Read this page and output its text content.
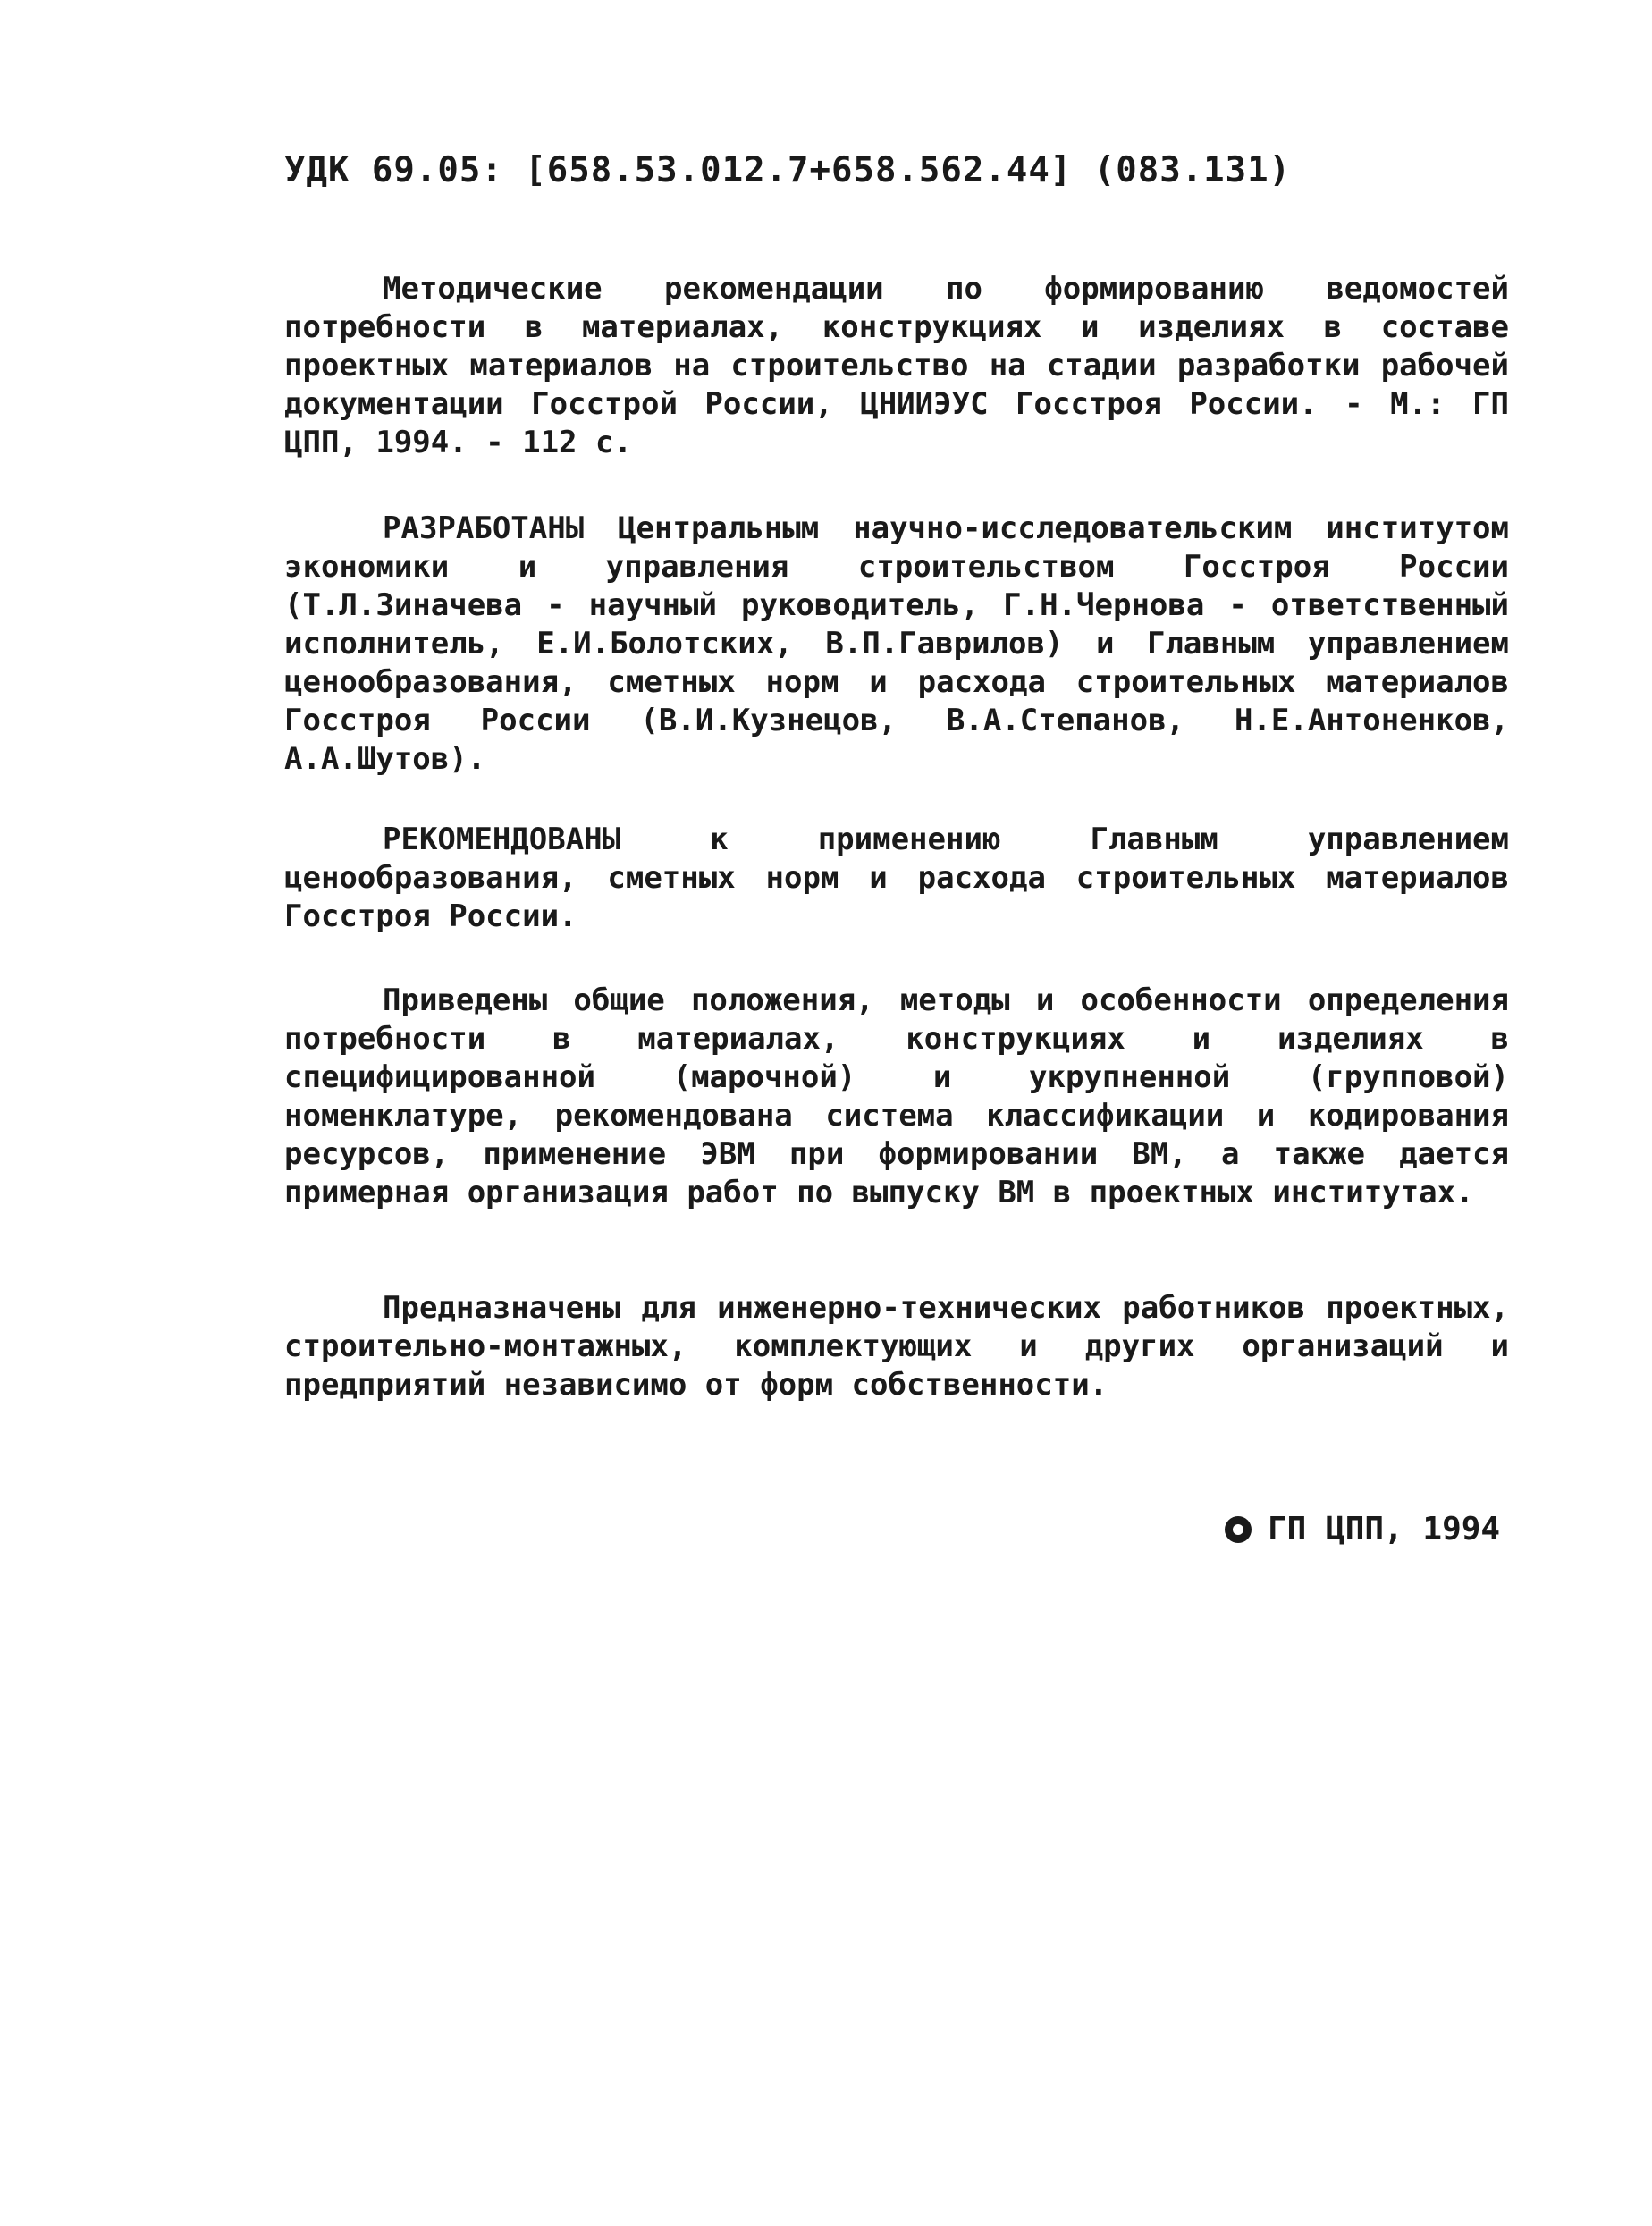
УДК 69.05: [658.53.012.7+658.562.44] (083.131)

Методические рекомендации по формированию ведомостей потребности в материалах, конструкциях и изделиях в составе проектных материалов на строительство на стадии разработки рабочей документации Госстрой России, ЦНИИЭУС Госстроя России. - М.: ГП ЦПП, 1994. - 112 с.

РАЗРАБОТАНЫ Центральным научно-исследовательским институтом экономики и управления строительством Госстроя России (Т.Л.Зиначева - научный руководитель, Г.Н.Чернова - ответственный исполнитель, Е.И.Болотских, В.П.Гаврилов) и Главным управлением ценообразования, сметных норм и расхода строительных материалов Госстроя России (В.И.Кузнецов, В.А.Степанов, Н.Е.Антоненков, А.А.Шутов).

РЕКОМЕНДОВАНЫ к применению Главным управлением ценообразования, сметных норм и расхода строительных материалов Госстроя России.

Приведены общие положения, методы и особенности определения потребности в материалах, конструкциях и изделиях в специфицированной (марочной) и укрупненной (групповой) номенклатуре, рекомендована система классификации и кодирования ресурсов, применение ЭВМ при формировании ВМ, а также дается примерная организация работ по выпуску ВМ в проектных институтах.

Предназначены для инженерно-технических работников проектных, строительно-монтажных, комплектующих и других организаций и предприятий независимо от форм собственности.

ГП ЦПП, 1994
